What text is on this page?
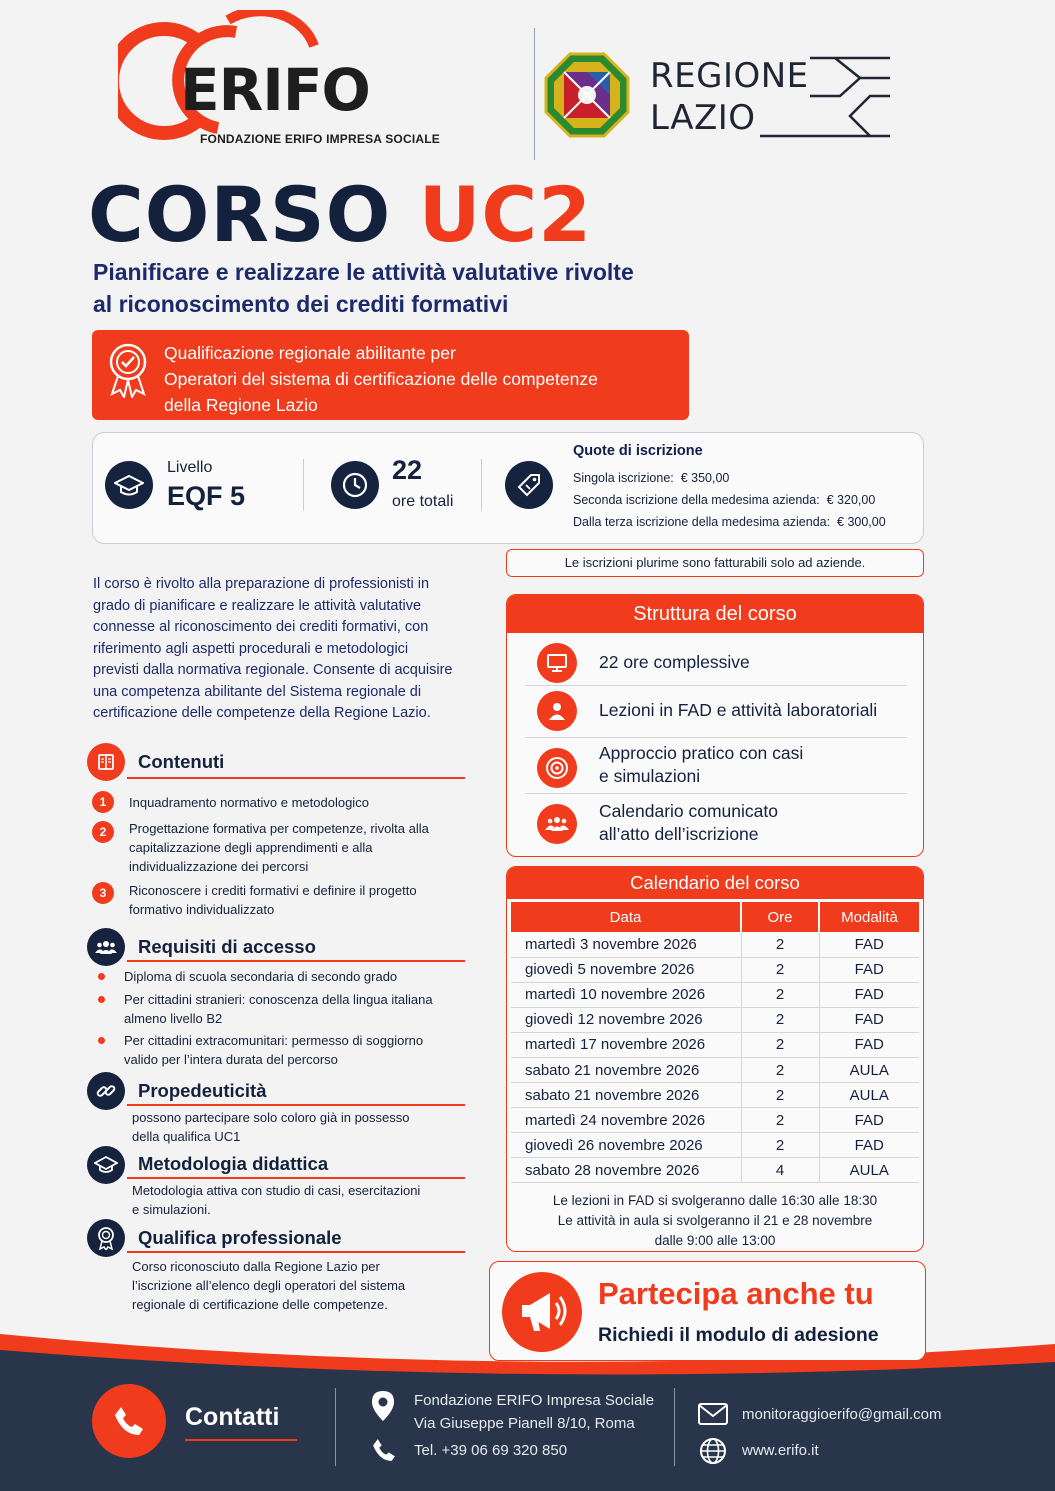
ERIFO
FONDAZIONE ERIFO IMPRESA SOCIALE
REGIONE
LAZIO
CORSO UC2
Pianificare e realizzare le attività valutative rivolte
al riconoscimento dei crediti formativi
Qualificazione regionale abilitante per
Operatori del sistema di certificazione delle competenze
della Regione Lazio
Livello
EQF 5
22
ore totali
Quote di iscrizione
Singola iscrizione: € 350,00
Seconda iscrizione della medesima azienda: € 320,00
Dalla terza iscrizione della medesima azienda: € 300,00
Le iscrizioni plurime sono fatturabili solo ad aziende.
Il corso è rivolto alla preparazione di professionisti in
grado di pianificare e realizzare le attività valutative
connesse al riconoscimento dei crediti formativi, con
riferimento agli aspetti procedurali e metodologici
previsti dalla normativa regionale. Consente di acquisire
una competenza abilitante del Sistema regionale di
certificazione delle competenze della Regione Lazio.
Contenuti
1	Inquadramento normativo e metodologico
2	Progettazione formativa per competenze, rivolta alla
capitalizzazione degli apprendimenti e alla
individualizzazione dei percorsi
3	Riconoscere i crediti formativi e definire il progetto
formativo individualizzato
Requisiti di accesso
Diploma di scuola secondaria di secondo grado
Per cittadini stranieri: conoscenza della lingua italiana
almeno livello B2
Per cittadini extracomunitari: permesso di soggiorno
valido per l’intera durata del percorso
Propedeuticità
possono partecipare solo coloro già in possesso
della qualifica UC1
Metodologia didattica
Metodologia attiva con studio di casi, esercitazioni
e simulazioni.
Qualifica professionale
Corso riconosciuto dalla Regione Lazio per
l’iscrizione all’elenco degli operatori del sistema
regionale di certificazione delle competenze.
Struttura del corso
22 ore complessive
Lezioni in FAD e attività laboratoriali
Approccio pratico con casi
e simulazioni
Calendario comunicato
all’atto dell’iscrizione
Calendario del corso
Data	Ore	Modalità
martedì 3 novembre 2026	2	FAD
giovedì 5 novembre 2026	2	FAD
martedì 10 novembre 2026	2	FAD
giovedì 12 novembre 2026	2	FAD
martedì 17 novembre 2026	2	FAD
sabato 21 novembre 2026	2	AULA
sabato 21 novembre 2026	2	AULA
martedì 24 novembre 2026	2	FAD
giovedì 26 novembre 2026	2	FAD
sabato 28 novembre 2026	4	AULA
Le lezioni in FAD si svolgeranno dalle 16:30 alle 18:30
Le attività in aula si svolgeranno il 21 e 28 novembre
dalle 9:00 alle 13:00
Contatti
Fondazione ERIFO Impresa Sociale
Via Giuseppe Pianell 8/10, Roma
Tel. +39 06 69 320 850
monitoraggioerifo@gmail.com
www.erifo.it
Partecipa anche tu
Richiedi il modulo di adesione
